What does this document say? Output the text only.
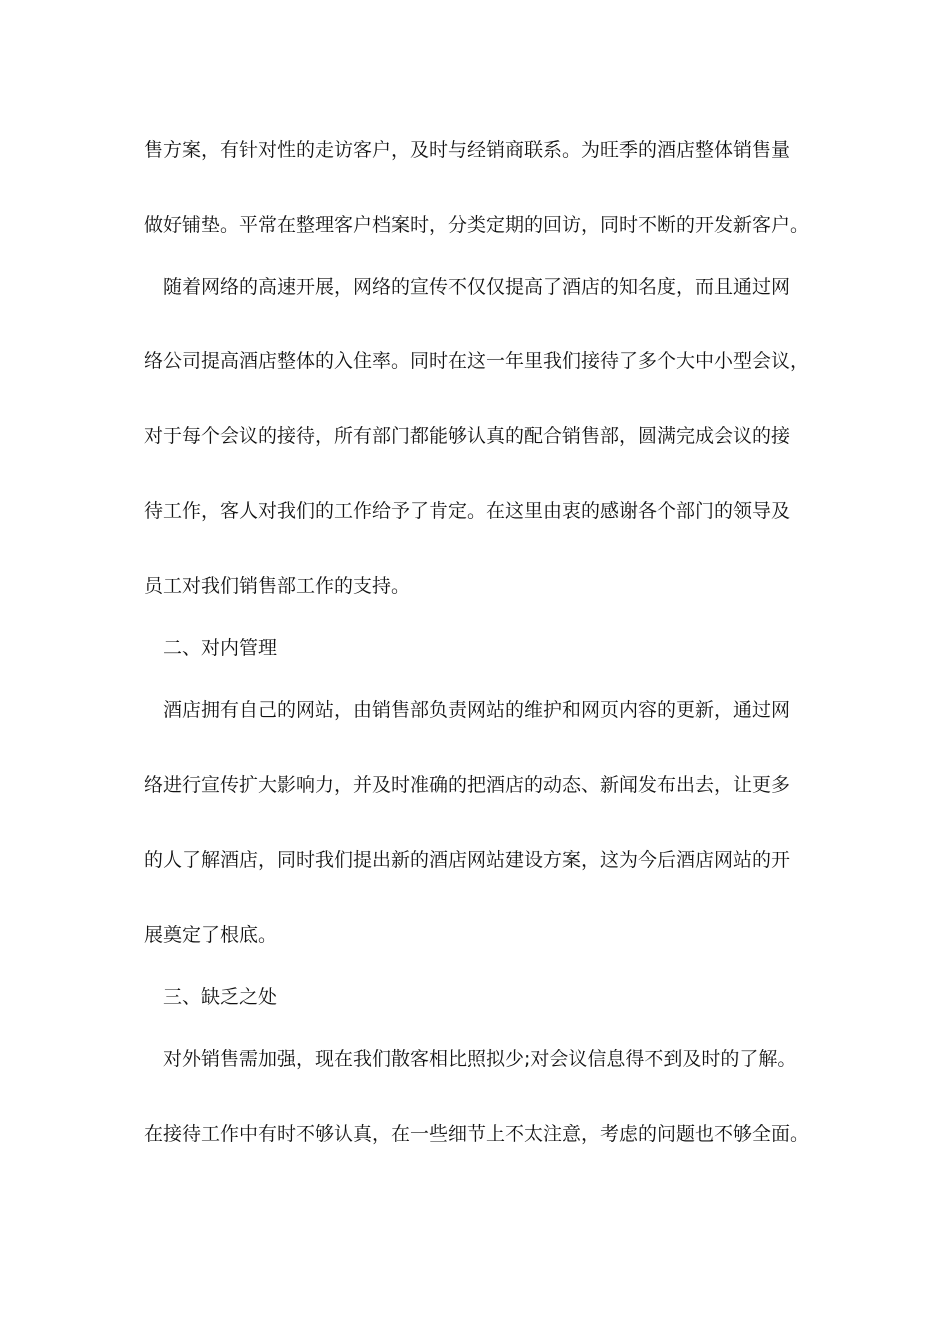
售方案，有针对性的走访客户，及时与经销商联系。为旺季的酒店整体销售量
做好铺垫。平常在整理客户档案时，分类定期的回访，同时不断的开发新客户。
随着网络的高速开展，网络的宣传不仅仅提高了酒店的知名度，而且通过网
络公司提高酒店整体的入住率。同时在这一年里我们接待了多个大中小型会议，
对于每个会议的接待，所有部门都能够认真的配合销售部，圆满完成会议的接
待工作，客人对我们的工作给予了肯定。在这里由衷的感谢各个部门的领导及
员工对我们销售部工作的支持。
二、对内管理
酒店拥有自己的网站，由销售部负责网站的维护和网页内容的更新，通过网
络进行宣传扩大影响力，并及时准确的把酒店的动态、新闻发布出去，让更多
的人了解酒店，同时我们提出新的酒店网站建设方案，这为今后酒店网站的开
展奠定了根底。
三、缺乏之处
对外销售需加强，现在我们散客相比照拟少;对会议信息得不到及时的了解。
在接待工作中有时不够认真，在一些细节上不太注意，考虑的问题也不够全面。
